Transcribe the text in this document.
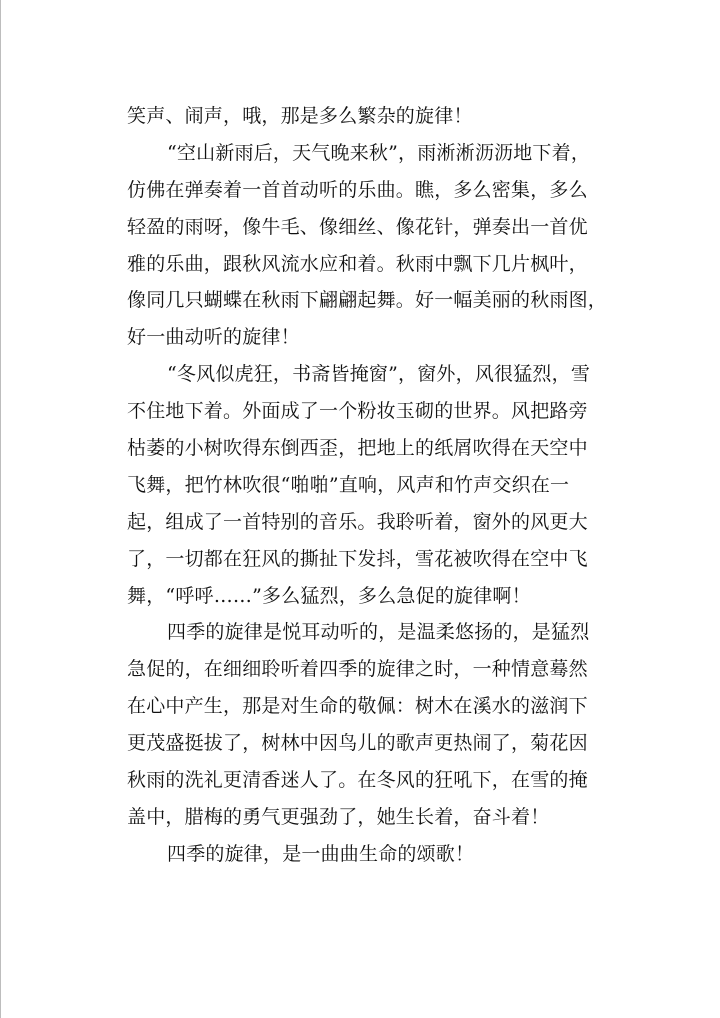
笑声、闹声，哦，那是多么繁杂的旋律！
“空山新雨后，天气晚来秋”，雨淅淅沥沥地下着，
仿佛在弹奏着一首首动听的乐曲。瞧，多么密集，多么
轻盈的雨呀，像牛毛、像细丝、像花针，弹奏出一首优
雅的乐曲，跟秋风流水应和着。秋雨中飘下几片枫叶，
像同几只蝴蝶在秋雨下翩翩起舞。好一幅美丽的秋雨图，
好一曲动听的旋律！
“冬风似虎狂，书斋皆掩窗”，窗外，风很猛烈，雪
不住地下着。外面成了一个粉妆玉砌的世界。风把路旁
枯萎的小树吹得东倒西歪，把地上的纸屑吹得在天空中
飞舞，把竹林吹很“啪啪”直响，风声和竹声交织在一
起，组成了一首特别的音乐。我聆听着，窗外的风更大
了，一切都在狂风的撕扯下发抖，雪花被吹得在空中飞
舞，“呼呼……”多么猛烈，多么急促的旋律啊！
四季的旋律是悦耳动听的，是温柔悠扬的，是猛烈
急促的，在细细聆听着四季的旋律之时，一种情意蓦然
在心中产生，那是对生命的敬佩：树木在溪水的滋润下
更茂盛挺拔了，树林中因鸟儿的歌声更热闹了，菊花因
秋雨的洗礼更清香迷人了。在冬风的狂吼下，在雪的掩
盖中，腊梅的勇气更强劲了，她生长着，奋斗着！
四季的旋律，是一曲曲生命的颂歌！
